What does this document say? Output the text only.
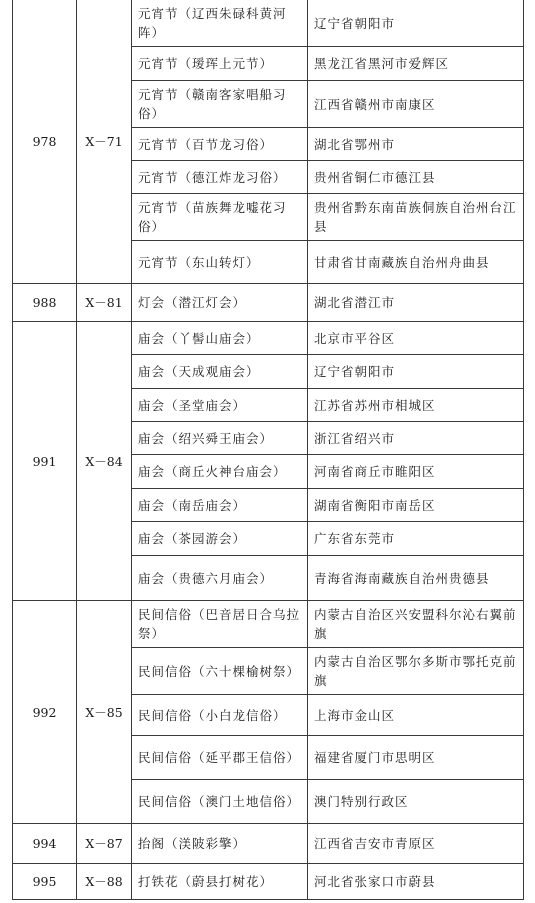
978	Ⅹ－71	元宵节（辽西朱碌科黄河阵）	辽宁省朝阳市
		元宵节（瑷珲上元节）	黑龙江省黑河市爱辉区
		元宵节（赣南客家唱船习俗）	江西省赣州市南康区
		元宵节（百节龙习俗）	湖北省鄂州市
		元宵节（德江炸龙习俗）	贵州省铜仁市德江县
		元宵节（苗族舞龙嘘花习俗）	贵州省黔东南苗族侗族自治州台江县
		元宵节（东山转灯）	甘肃省甘南藏族自治州舟曲县
988	Ⅹ－81	灯会（潜江灯会）	湖北省潜江市
991	Ⅹ－84	庙会（丫髻山庙会）	北京市平谷区
		庙会（天成观庙会）	辽宁省朝阳市
		庙会（圣堂庙会）	江苏省苏州市相城区
		庙会（绍兴舜王庙会）	浙江省绍兴市
		庙会（商丘火神台庙会）	河南省商丘市睢阳区
		庙会（南岳庙会）	湖南省衡阳市南岳区
		庙会（茶园游会）	广东省东莞市
		庙会（贵德六月庙会）	青海省海南藏族自治州贵德县
992	Ⅹ－85	民间信俗（巴音居日合乌拉祭）	内蒙古自治区兴安盟科尔沁右翼前旗
		民间信俗（六十棵榆树祭）	内蒙古自治区鄂尔多斯市鄂托克前旗
		民间信俗（小白龙信俗）	上海市金山区
		民间信俗（延平郡王信俗）	福建省厦门市思明区
		民间信俗（澳门土地信俗）	澳门特别行政区
994	Ⅹ－87	抬阁（渼陂彩擎）	江西省吉安市青原区
995	Ⅹ－88	打铁花（蔚县打树花）	河北省张家口市蔚县
